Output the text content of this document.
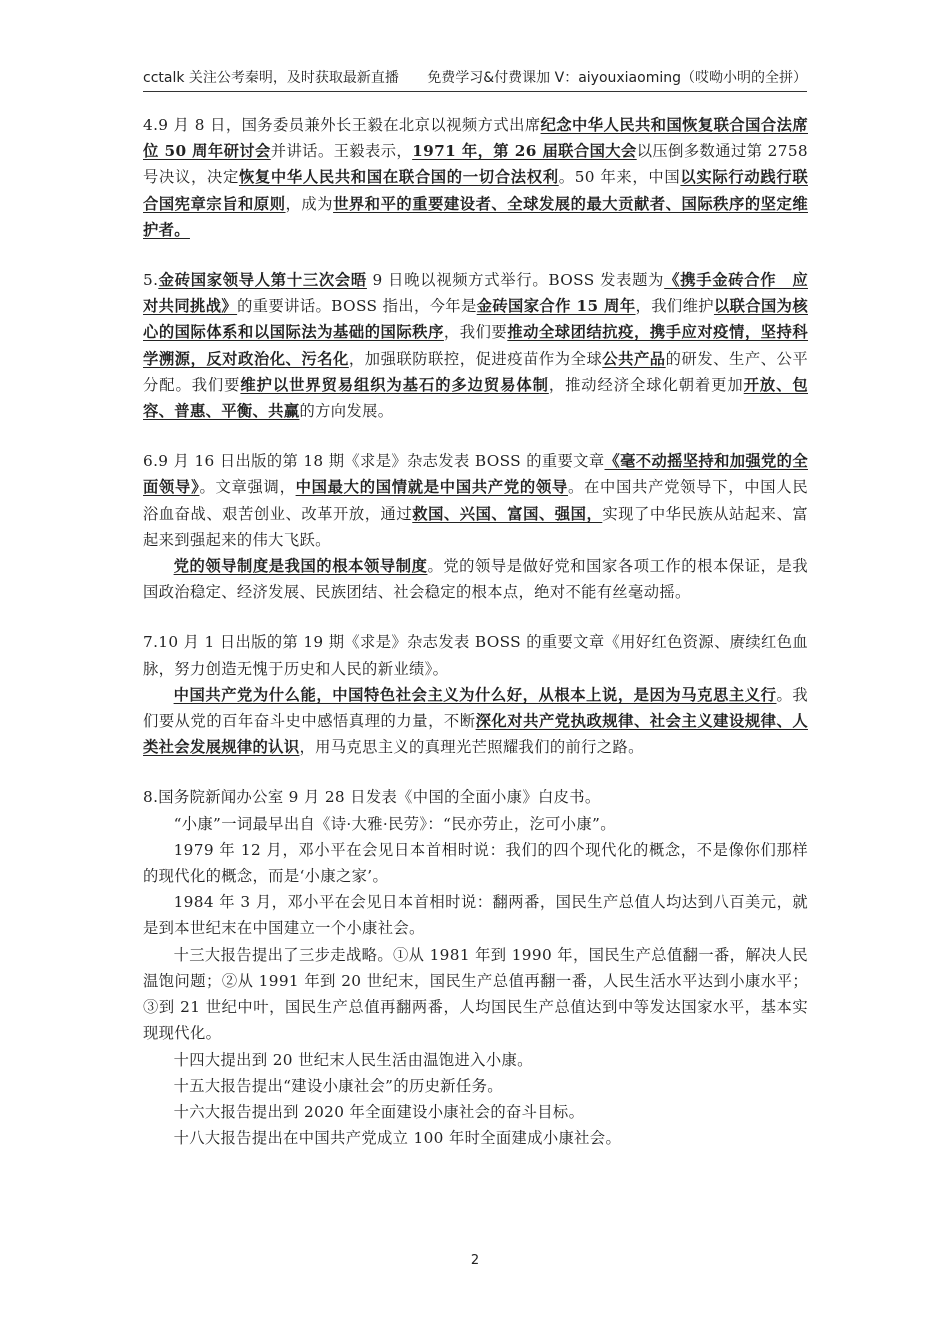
cctalk 关注公考秦明，及时获取最新直播 免费学习&付费课加 V：aiyouxiaoming（哎呦小明的全拼）

4.9 月 8 日，国务委员兼外长王毅在北京以视频方式出席纪念中华人民共和国恢复联合国合法席位 50 周年研讨会并讲话。王毅表示，1971 年，第 26 届联合国大会以压倒多数通过第 2758 号决议，决定恢复中华人民共和国在联合国的一切合法权利。50 年来，中国以实际行动践行联合国宪章宗旨和原则，成为世界和平的重要建设者、全球发展的最大贡献者、国际秩序的坚定维护者。

5.金砖国家领导人第十三次会晤 9 日晚以视频方式举行。BOSS 发表题为《携手金砖合作　应对共同挑战》的重要讲话。BOSS 指出，今年是金砖国家合作 15 周年，我们维护以联合国为核心的国际体系和以国际法为基础的国际秩序，我们要推动全球团结抗疫，携手应对疫情，坚持科学溯源，反对政治化、污名化，加强联防联控，促进疫苗作为全球公共产品的研发、生产、公平分配。我们要维护以世界贸易组织为基石的多边贸易体制，推动经济全球化朝着更加开放、包容、普惠、平衡、共赢的方向发展。

6.9 月 16 日出版的第 18 期《求是》杂志发表 BOSS 的重要文章《毫不动摇坚持和加强党的全面领导》。文章强调，中国最大的国情就是中国共产党的领导。在中国共产党领导下，中国人民浴血奋战、艰苦创业、改革开放，通过救国、兴国、富国、强国，实现了中华民族从站起来、富起来到强起来的伟大飞跃。

党的领导制度是我国的根本领导制度。党的领导是做好党和国家各项工作的根本保证，是我国政治稳定、经济发展、民族团结、社会稳定的根本点，绝对不能有丝毫动摇。

7.10 月 1 日出版的第 19 期《求是》杂志发表 BOSS 的重要文章《用好红色资源、赓续红色血脉，努力创造无愧于历史和人民的新业绩》。

中国共产党为什么能，中国特色社会主义为什么好，从根本上说，是因为马克思主义行。我们要从党的百年奋斗史中感悟真理的力量，不断深化对共产党执政规律、社会主义建设规律、人类社会发展规律的认识，用马克思主义的真理光芒照耀我们的前行之路。

8.国务院新闻办公室 9 月 28 日发表《中国的全面小康》白皮书。

“小康”一词最早出自《诗·大雅·民劳》：“民亦劳止，汔可小康”。

1979 年 12 月，邓小平在会见日本首相时说：我们的四个现代化的概念，不是像你们那样的现代化的概念，而是‘小康之家’。

1984 年 3 月，邓小平在会见日本首相时说：翻两番，国民生产总值人均达到八百美元，就是到本世纪末在中国建立一个小康社会。

十三大报告提出了三步走战略。①从 1981 年到 1990 年，国民生产总值翻一番，解决人民温饱问题；②从 1991 年到 20 世纪末，国民生产总值再翻一番，人民生活水平达到小康水平；③到 21 世纪中叶，国民生产总值再翻两番，人均国民生产总值达到中等发达国家水平，基本实现现代化。

十四大提出到 20 世纪末人民生活由温饱进入小康。

十五大报告提出“建设小康社会”的历史新任务。

十六大报告提出到 2020 年全面建设小康社会的奋斗目标。

十八大报告提出在中国共产党成立 100 年时全面建成小康社会。

2
